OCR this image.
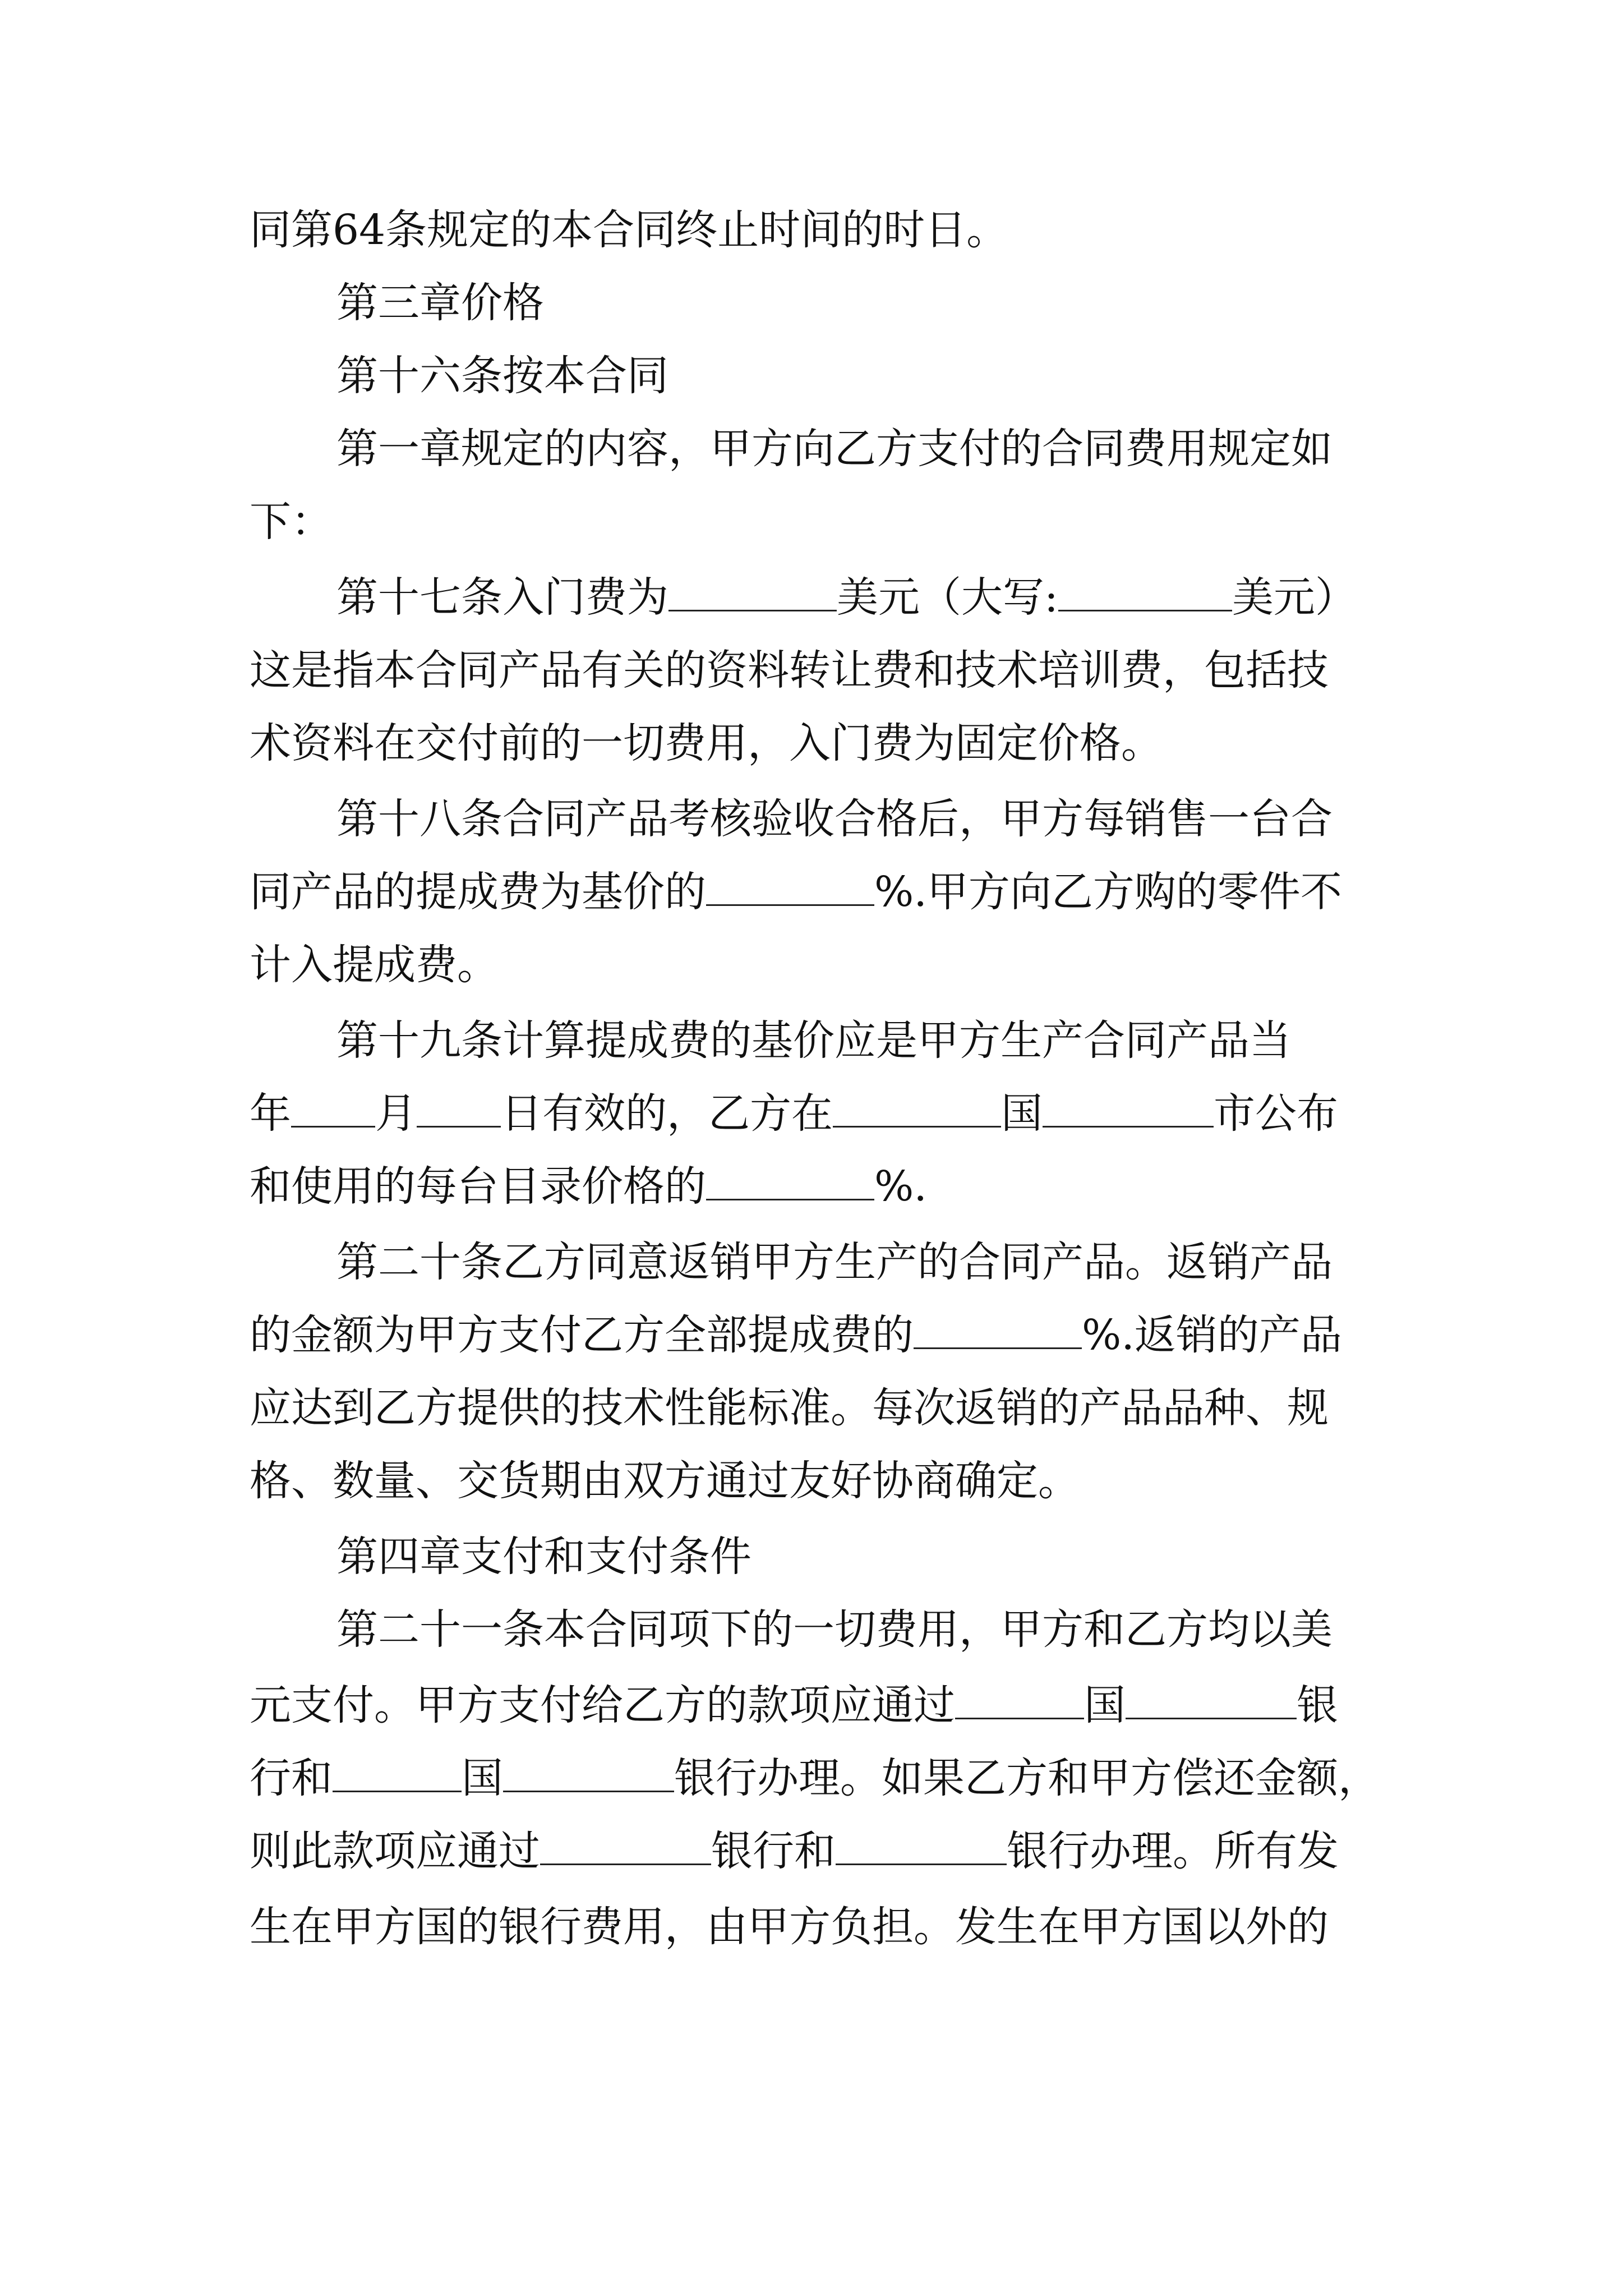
同第64条规定的本合同终止时间的时日。
第三章价格
第十六条按本合同
第一章规定的内容，甲方向乙方支付的合同费用规定如
下：
第十七条入门费为	美元（大写:	美元）
这是指本合同产品有关的资料转让费和技术培训费，包括技
术资料在交付前的一切费用，入门费为固定价格。
第十八条合同产品考核验收合格后，甲方每销售一台合
同产品的提成费为基价的	%.甲方向乙方购的零件不
计入提成费。
第十九条计算提成费的基价应是甲方生产合同产品当
年 月 日有效的，乙方在	国	市公布
和使用的每台目录价格的	%.
第二十条乙方同意返销甲方生产的合同产品。返销产品
的金额为甲方支付乙方全部提成费的	%.返销的产品
应达到乙方提供的技术性能标准。每次返销的产品品种、规
格、数量、交货期由双方通过友好协商确定。
第四章支付和支付条件
第二十一条本合同项下的一切费用，甲方和乙方均以美
元支付。甲方支付给乙方的款项应通过	国	银
行和	国	银行办理。如果乙方和甲方偿还金额，
则此款项应通过	银行和	银行办理。所有发
生在甲方国的银行费用，由甲方负担。发生在甲方国以外的
